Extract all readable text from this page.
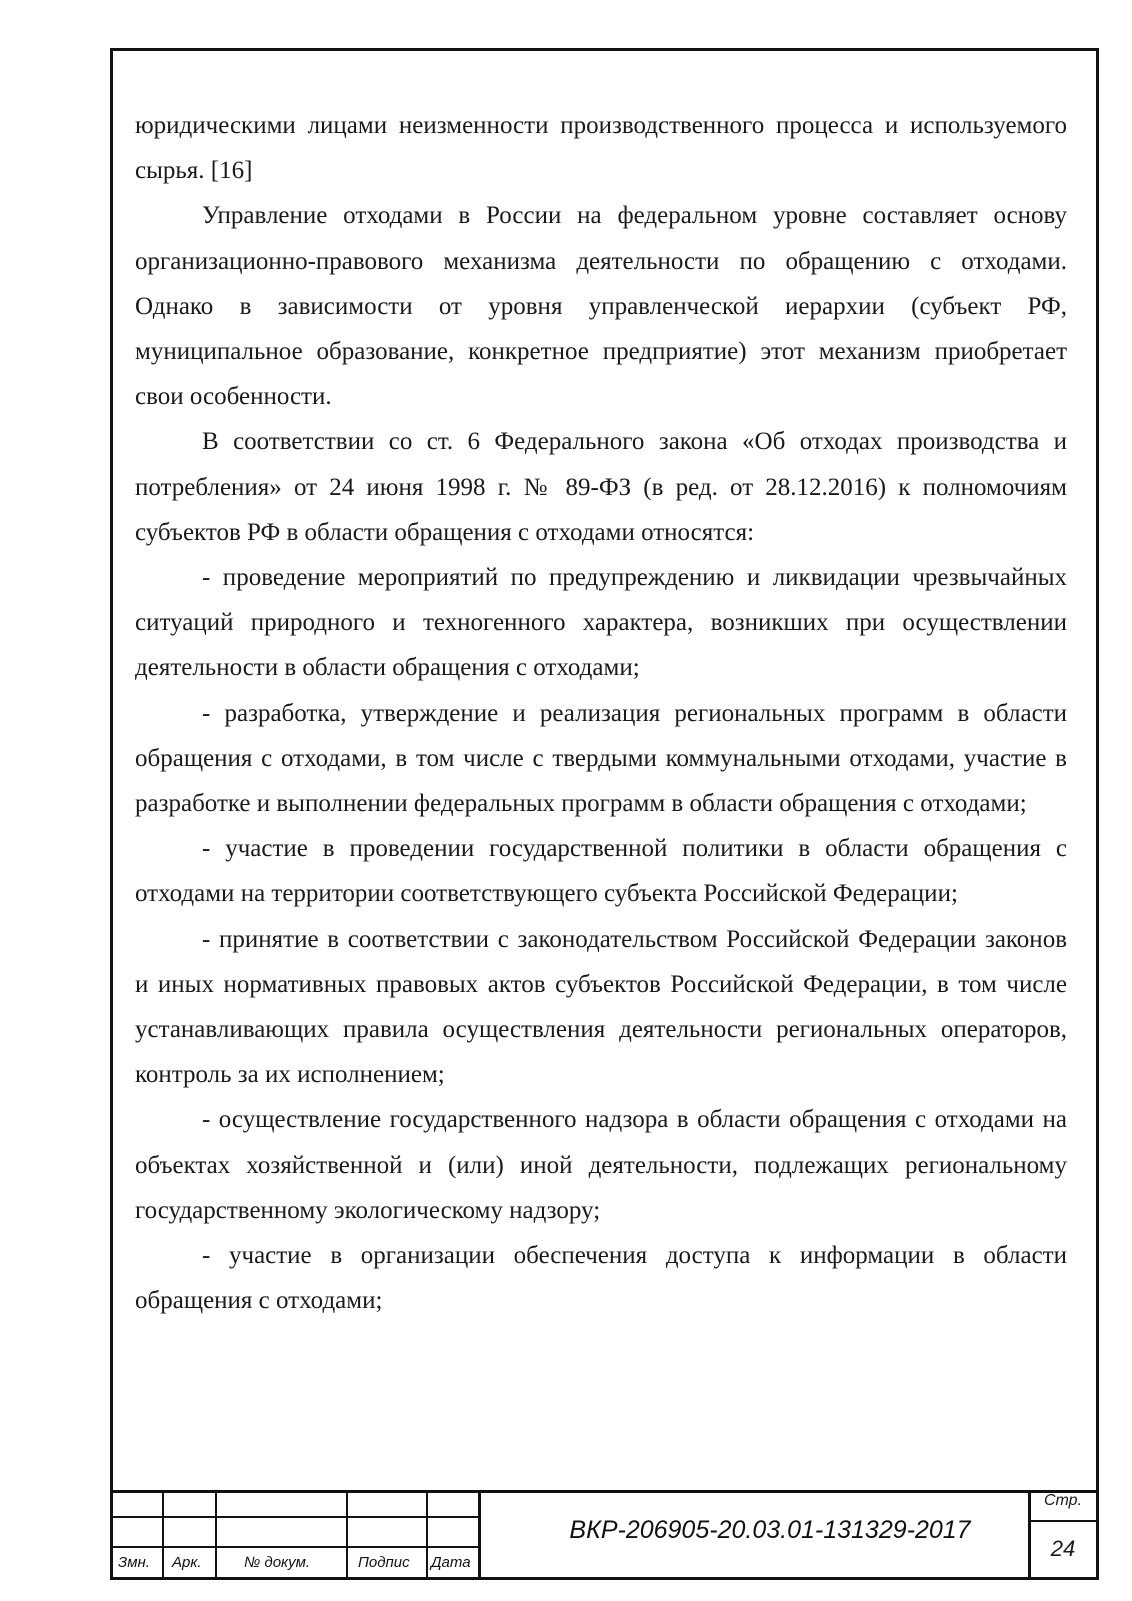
юридическими лицами неизменности производственного процесса и используемого сырья. [16]

Управление отходами в России на федеральном уровне составляет основу организационно-правового механизма деятельности по обращению с отходами. Однако в зависимости от уровня управленческой иерархии (субъект РФ, муниципальное образование, конкретное предприятие) этот механизм приобретает свои особенности.

В соответствии со ст. 6 Федерального закона «Об отходах производства и потребления» от 24 июня 1998 г. № 89-ФЗ (в ред. от 28.12.2016) к полномочиям субъектов РФ в области обращения с отходами относятся:

- проведение мероприятий по предупреждению и ликвидации чрезвычайных ситуаций природного и техногенного характера, возникших при осуществлении деятельности в области обращения с отходами;

- разработка, утверждение и реализация региональных программ в области обращения с отходами, в том числе с твердыми коммунальными отходами, участие в разработке и выполнении федеральных программ в области обращения с отходами;

- участие в проведении государственной политики в области обращения с отходами на территории соответствующего субъекта Российской Федерации;

- принятие в соответствии с законодательством Российской Федерации законов и иных нормативных правовых актов субъектов Российской Федерации, в том числе устанавливающих правила осуществления деятельности региональных операторов, контроль за их исполнением;

- осуществление государственного надзора в области обращения с отходами на объектах хозяйственной и (или) иной деятельности, подлежащих региональному государственному экологическому надзору;

- участие в организации обеспечения доступа к информации в области обращения с отходами;

Змн. Арк.	№ докум.	Подпис Дата
ВКР-206905-20.03.01-131329-2017
Стр.
24
